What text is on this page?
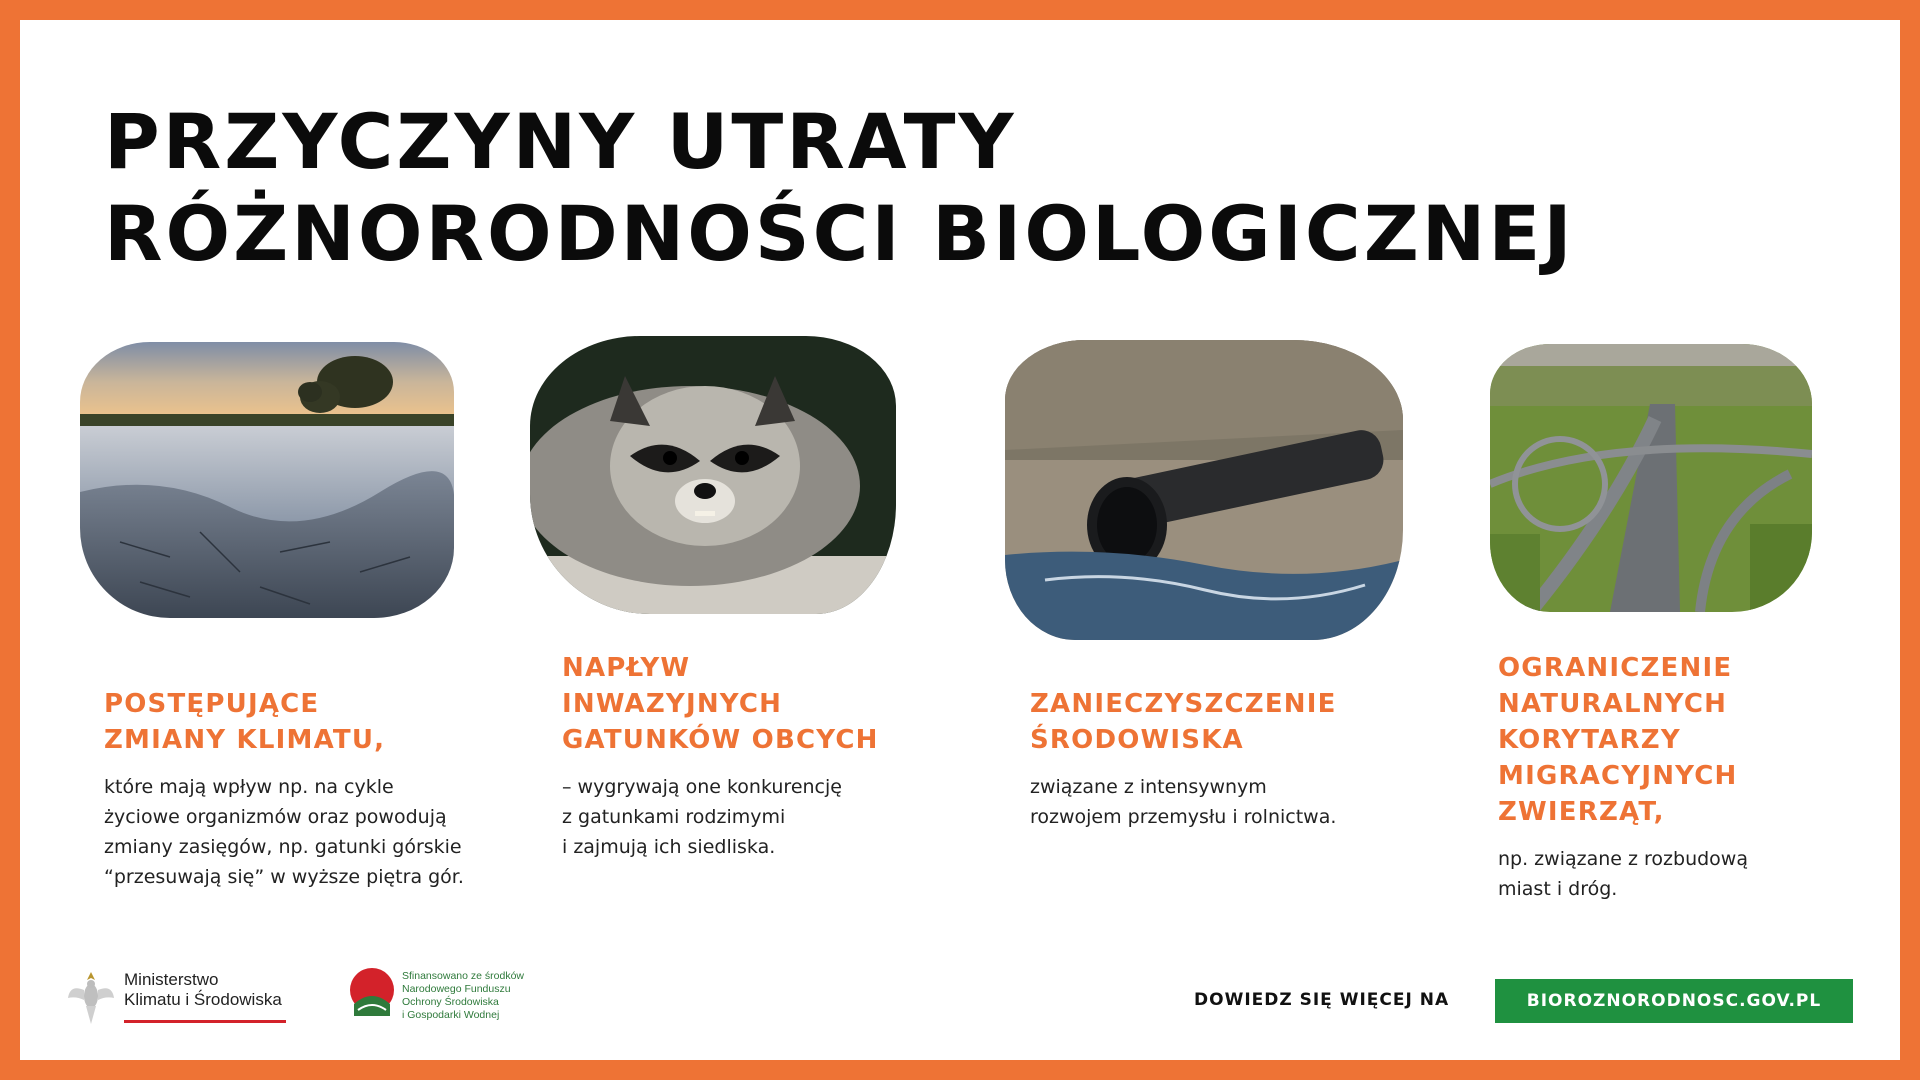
PRZYCZYNY UTRATY
RÓŻNORODNOŚCI BIOLOGICZNEJ
POSTĘPUJĄCE
ZMIANY KLIMATU,

które mają wpływ np. na cykle
życiowe organizmów oraz powodują
zmiany zasięgów, np. gatunki górskie
“przesuwają się” w wyższe piętra gór.

NAPŁYW
INWAZYJNYCH
GATUNKÓW OBCYCH

– wygrywają one konkurencję
z gatunkami rodzimymi
i zajmują ich siedliska.

ZANIECZYSZCZENIE
ŚRODOWISKA

związane z intensywnym
rozwojem przemysłu i rolnictwa.

OGRANICZENIE
NATURALNYCH
KORYTARZY
MIGRACYJNYCH
ZWIERZĄT,

np. związane z rozbudową
miast i dróg.

Ministerstwo
Klimatu i Środowiska
Sfinansowano ze środków
Narodowego Funduszu
Ochrony Środowiska
i Gospodarki Wodnej
DOWIEDZ SIĘ WIĘCEJ NA	BIOROZNORODNOSC.GOV.PL
